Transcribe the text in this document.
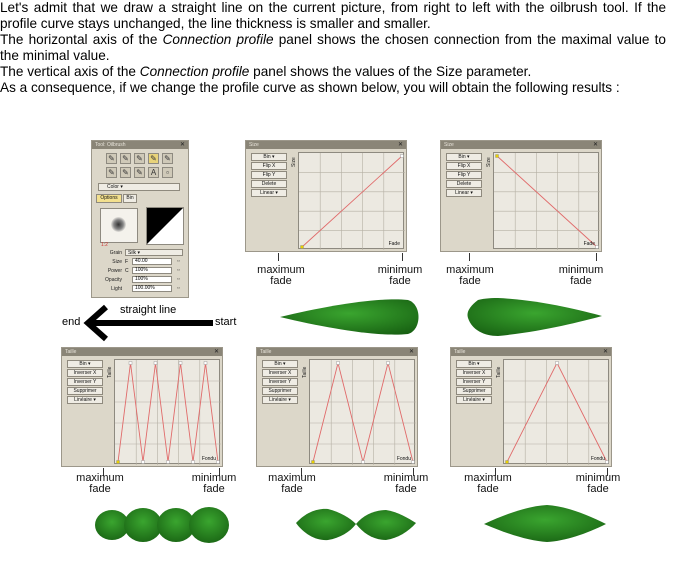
Let's admit that we draw a straight line on the current picture, from right to left with the oilbrush tool. If the profile curve stays unchanged, the line thickness is smaller and smaller.

The horizontal axis of the Connection profile panel shows the chosen connection from the maximal value to the minimal value.

The vertical axis of the Connection profile panel shows the values of the Size parameter.

As a consequence, if we change the profile curve as shown below, you will obtain the following results :

Tool: Oilbrush	✕
✎ ✎ ✎ ✎ ✎
✎ ✎ ✎ A	▫
Color ▾
Options	Bin
1:2
Grain	Silk ▾
Size F	40.00	⇔
Power C	100%	⇔
Opacity	100%	⇔
Light	100.00%	⇔
end
straight line
start
Size	✕
Bin ▾
Flip X
Flip Y
Delete
Linear ▾
Size
Fade
maximum
fade
minimum
fade
Size	✕
Bin ▾
Flip X
Flip Y
Delete
Linear ▾
Size
Fade
maximum
fade
minimum
fade
Taille	✕
Bin ▾
Inverser X
Inverser Y
Supprimer
Linéaire ▾
Taille
Fondu
maximum
fade
minimum
fade
Taille	✕
Bin ▾
Inverser X
Inverser Y
Supprimer
Linéaire ▾
Taille
Fondu
maximum
fade
minimum
fade
Taille	✕
Bin ▾
Inverser X
Inverser Y
Supprimer
Linéaire ▾
Taille
Fondu
maximum
fade
minimum
fade
